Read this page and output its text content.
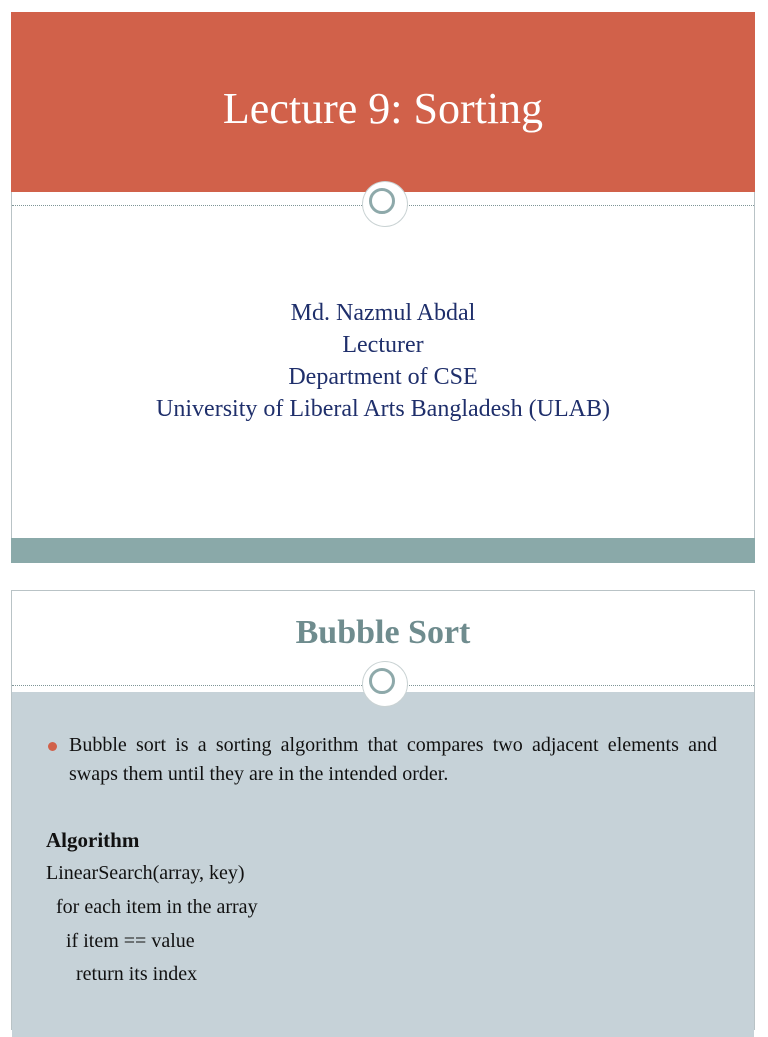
Lecture 9: Sorting
Md. Nazmul Abdal
Lecturer
Department of CSE
University of Liberal Arts Bangladesh (ULAB)
Bubble Sort
Bubble sort is a sorting algorithm that compares two adjacent elements and swaps them until they are in the intended order.
Algorithm
LinearSearch(array, key)
for each item in the array
if item == value
return its index
